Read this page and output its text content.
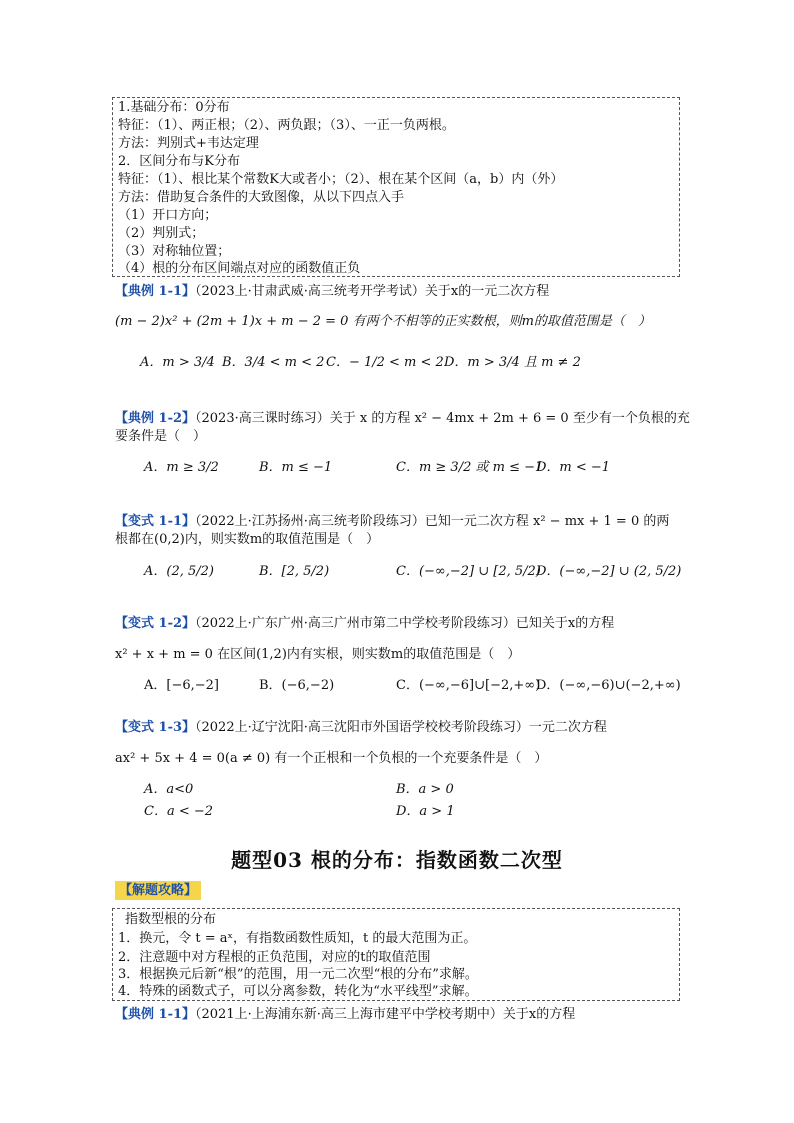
1.基础分布：0分布
特征：（1）、两正根；（2）、两负跟；（3）、一正一负两根。
方法：判别式+韦达定理
2．区间分布与K分布
特征：（1）、根比某个常数K大或者小；（2）、根在某个区间（a，b）内（外）
方法：借助复合条件的大致图像，从以下四点入手
（1）开口方向；
（2）判别式；
（3）对称轴位置；
（4）根的分布区间端点对应的函数值正负
【典例 1-1】（2023上·甘肃武威·高三统考开学考试）关于x的一元二次方程
(m − 2)x² + (2m + 1)x + m − 2 = 0 有两个不相等的正实数根，则m的取值范围是（　）
A．m > 3/4 B．3/4 < m < 2 C．− 1/2 < m < 2 D．m > 3/4 且 m ≠ 2
【典例 1-2】（2023·高三课时练习）关于 x 的方程 x² − 4mx + 2m + 6 = 0 至少有一个负根的充
要条件是（　）
A．m ≥ 3/2	B．m ≤ −1	C．m ≥ 3/2 或 m ≤ −1
D．m < −1
【变式 1-1】（2022上·江苏扬州·高三统考阶段练习）已知一元二次方程 x² − mx + 1 = 0 的两
根都在(0,2)内，则实数m的取值范围是（　）
A．(2, 5/2)	B．[2, 5/2)	C．(−∞,−2] ∪ [2, 5/2)
D．(−∞,−2] ∪ (2, 5/2)
【变式 1-2】（2022上·广东广州·高三广州市第二中学校考阶段练习）已知关于x的方程
x² + x + m = 0 在区间(1,2)内有实根，则实数m的取值范围是（　）
A．[−6,−2]	B．(−6,−2)	C．(−∞,−6]∪[−2,+∞)
D．(−∞,−6)∪(−2,+∞)
【变式 1-3】（2022上·辽宁沈阳·高三沈阳市外国语学校校考阶段练习）一元二次方程
ax² + 5x + 4 = 0(a ≠ 0) 有一个正根和一个负根的一个充要条件是（　）
A．a<0	B．a > 0
C．a < −2	D．a > 1
题型03 根的分布：指数函数二次型
【解题攻略】
指数型根的分布
1．换元，令 t = aˣ，有指数函数性质知，t 的最大范围为正。
2．注意题中对方程根的正负范围，对应的t的取值范围
3．根据换元后新“根”的范围，用一元二次型“根的分布”求解。
4．特殊的函数式子，可以分离参数，转化为“水平线型”求解。
【典例 1-1】（2021上·上海浦东新·高三上海市建平中学校考期中）关于x的方程
